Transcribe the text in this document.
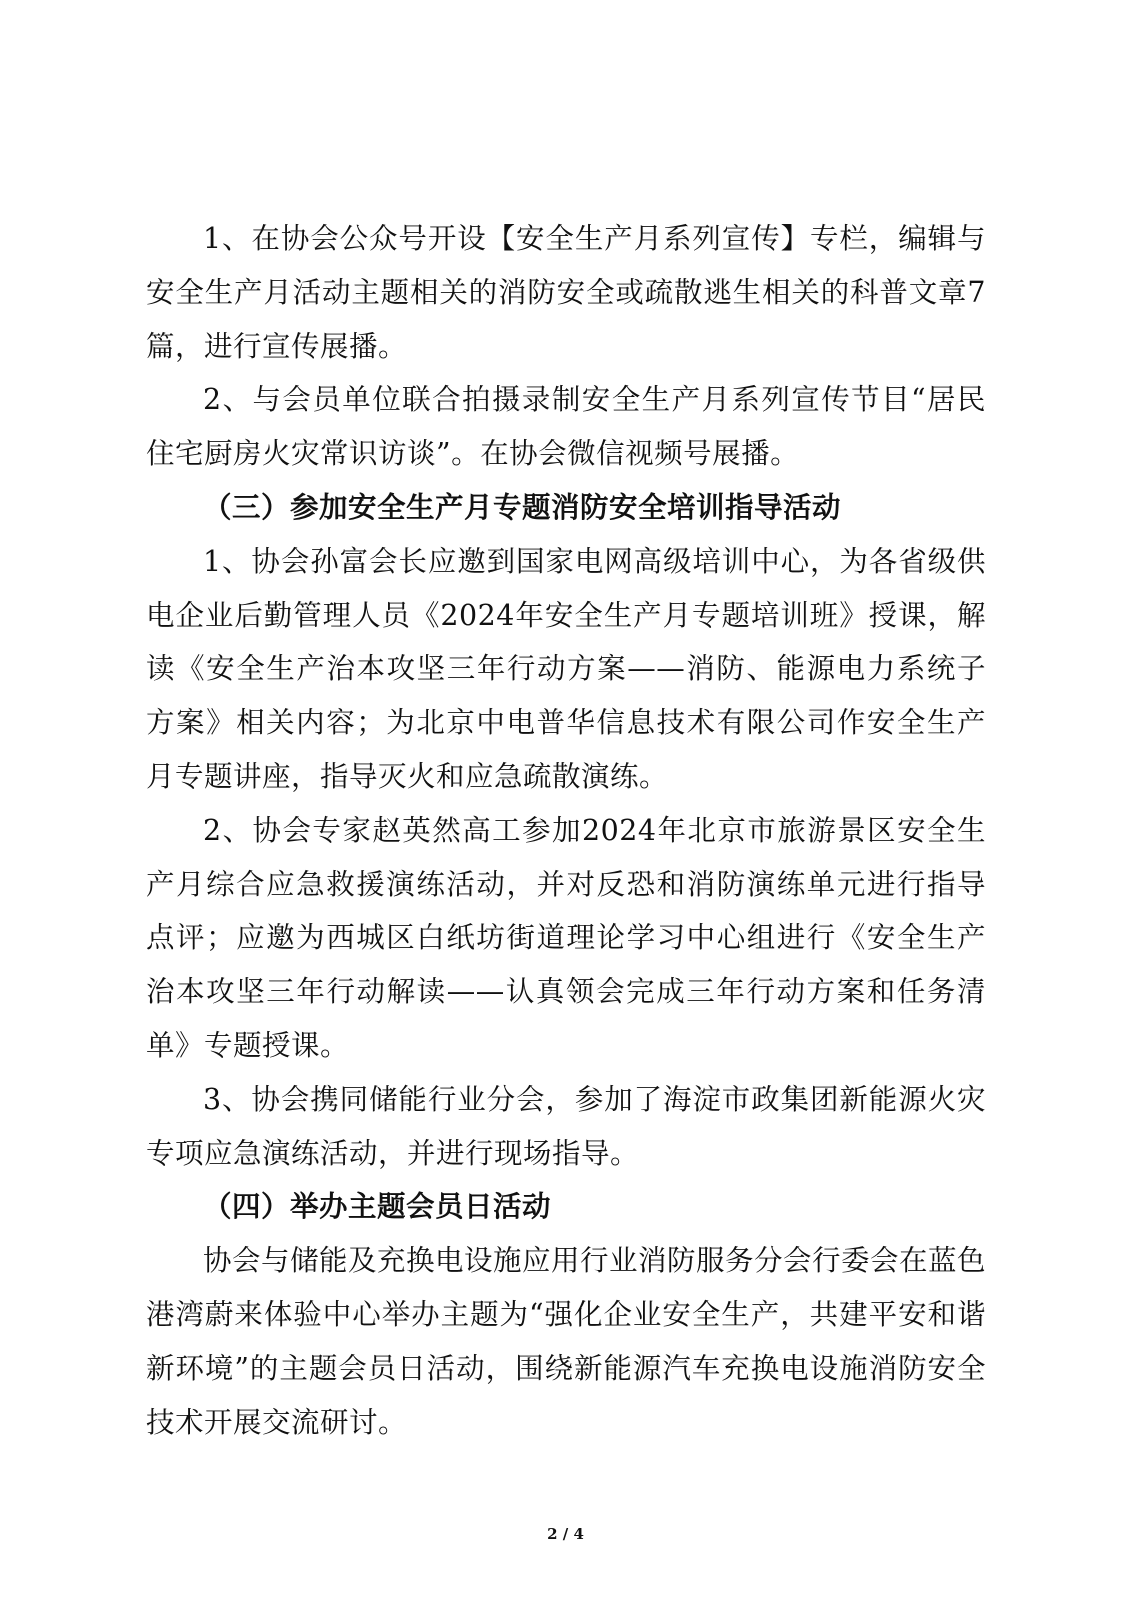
1、在协会公众号开设【安全生产月系列宣传】专栏，编辑与安全生产月活动主题相关的消防安全或疏散逃生相关的科普文章7篇，进行宣传展播。

2、与会员单位联合拍摄录制安全生产月系列宣传节目“居民住宅厨房火灾常识访谈”。在协会微信视频号展播。

（三）参加安全生产月专题消防安全培训指导活动

1、协会孙富会长应邀到国家电网高级培训中心，为各省级供电企业后勤管理人员《2024年安全生产月专题培训班》授课，解读《安全生产治本攻坚三年行动方案——消防、能源电力系统子方案》相关内容；为北京中电普华信息技术有限公司作安全生产月专题讲座，指导灭火和应急疏散演练。

2、协会专家赵英然高工参加2024年北京市旅游景区安全生产月综合应急救援演练活动，并对反恐和消防演练单元进行指导点评；应邀为西城区白纸坊街道理论学习中心组进行《安全生产治本攻坚三年行动解读——认真领会完成三年行动方案和任务清单》专题授课。

3、协会携同储能行业分会，参加了海淀市政集团新能源火灾专项应急演练活动，并进行现场指导。

（四）举办主题会员日活动

协会与储能及充换电设施应用行业消防服务分会行委会在蓝色港湾蔚来体验中心举办主题为“强化企业安全生产，共建平安和谐新环境”的主题会员日活动，围绕新能源汽车充换电设施消防安全技术开展交流研讨。

2 / 4
